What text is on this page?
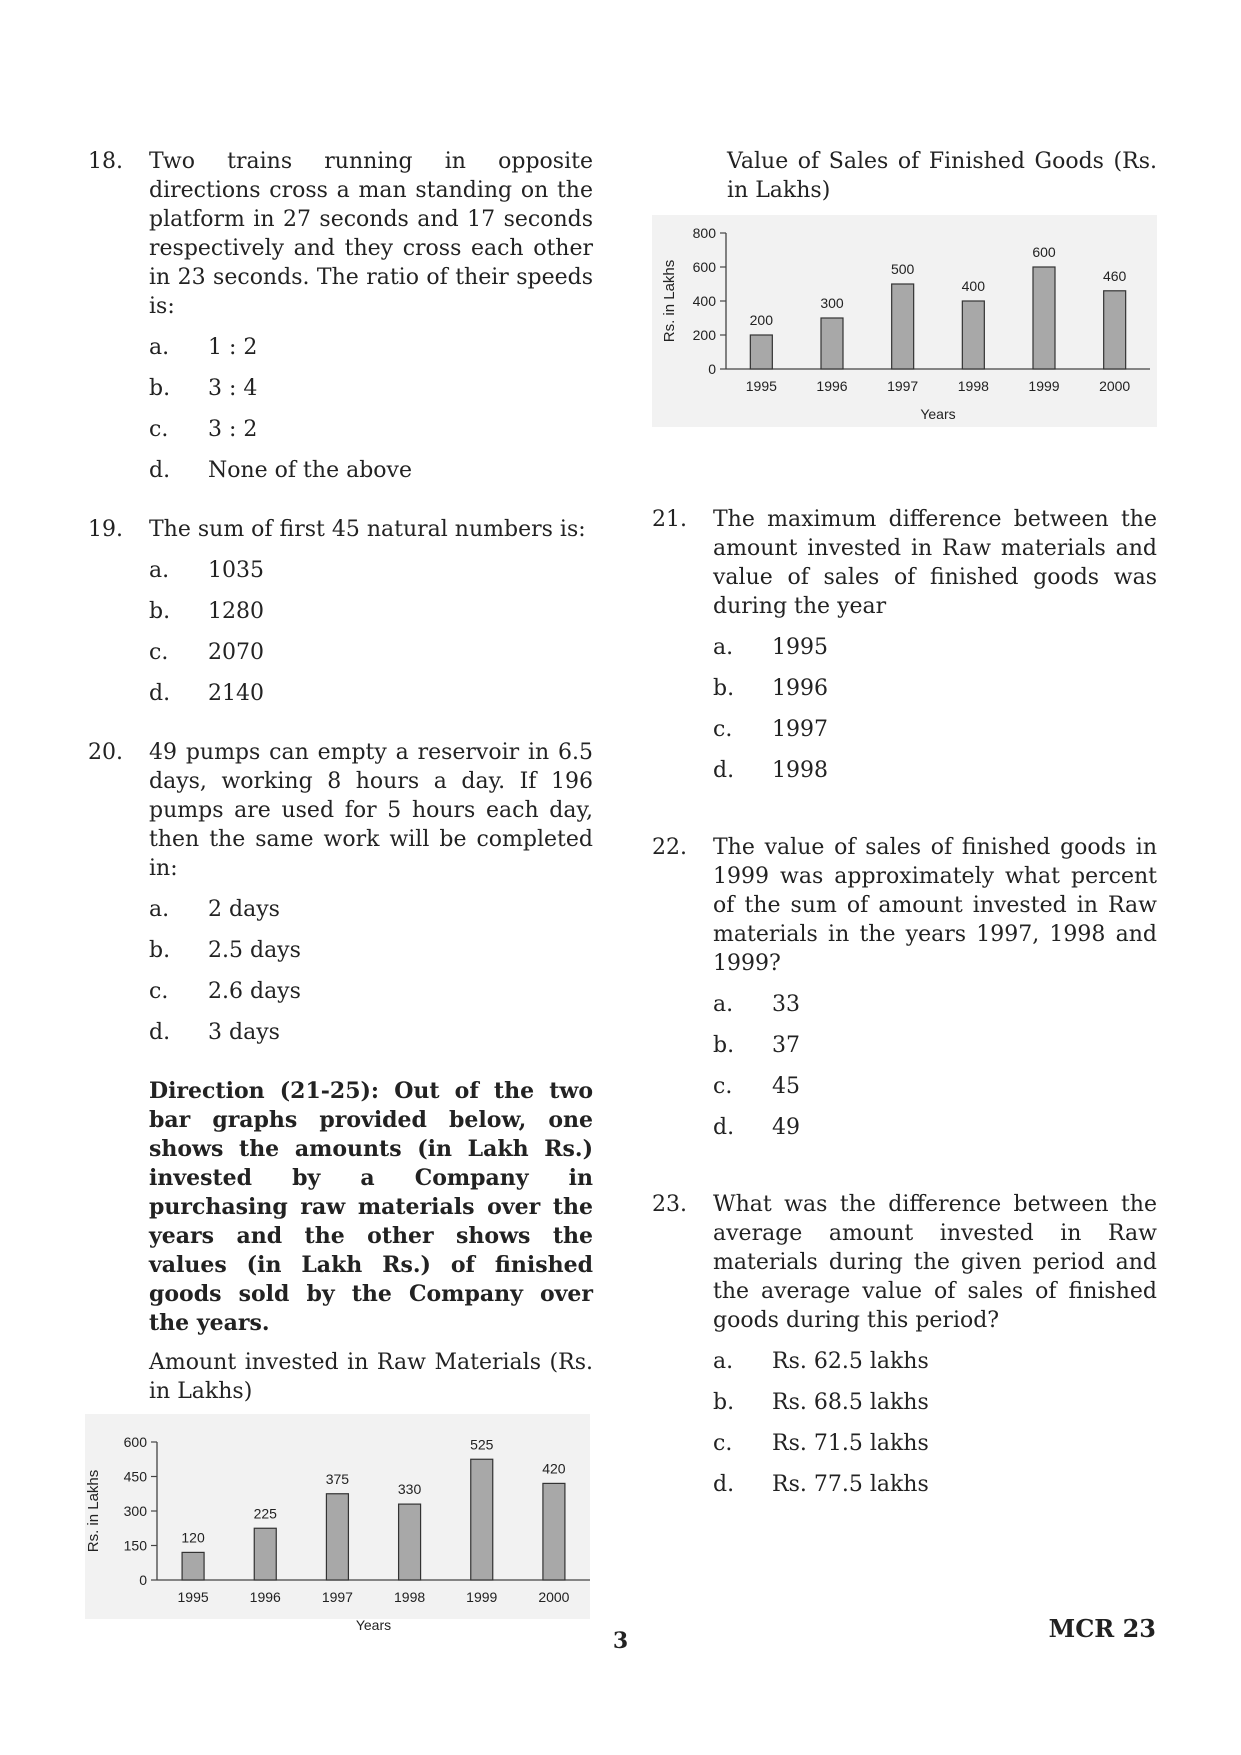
18. Two trains running in opposite directions cross a man standing on the platform in 27 seconds and 17 seconds respectively and they cross each other in 23 seconds. The ratio of their speeds is:
a. 1 : 2
b. 3 : 4
c. 3 : 2
d. None of the above
19. The sum of first 45 natural numbers is:
a. 1035
b. 1280
c. 2070
d. 2140
20. 49 pumps can empty a reservoir in 6.5 days, working 8 hours a day. If 196 pumps are used for 5 hours each day, then the same work will be completed in:
a. 2 days
b. 2.5 days
c. 2.6 days
d. 3 days
Direction (21-25): Out of the two bar graphs provided below, one shows the amounts (in Lakh Rs.) invested by a Company in purchasing raw materials over the years and the other shows the values (in Lakh Rs.) of finished goods sold by the Company over the years.
Amount invested in Raw Materials (Rs. in Lakhs)
0
150
300
450
600
120
1995
225
1996
375
1997
330
1998
525
1999
420
2000
Years
Rs. in Lakhs
Value of Sales of Finished Goods (Rs. in Lakhs)
0
200
400
600
800
200
1995
300
1996
500
1997
400
1998
600
1999
460
2000
Years
Rs. in Lakhs
21. The maximum difference between the amount invested in Raw materials and value of sales of finished goods was during the year
a. 1995
b. 1996
c. 1997
d. 1998
22. The value of sales of finished goods in 1999 was approximately what percent of the sum of amount invested in Raw materials in the years 1997, 1998 and 1999?
a. 33
b. 37
c. 45
d. 49
23. What was the difference between the average amount invested in Raw materials during the given period and the average value of sales of finished goods during this period?
a. Rs. 62.5 lakhs
b. Rs. 68.5 lakhs
c. Rs. 71.5 lakhs
d. Rs. 77.5 lakhs
3	MCR 23
